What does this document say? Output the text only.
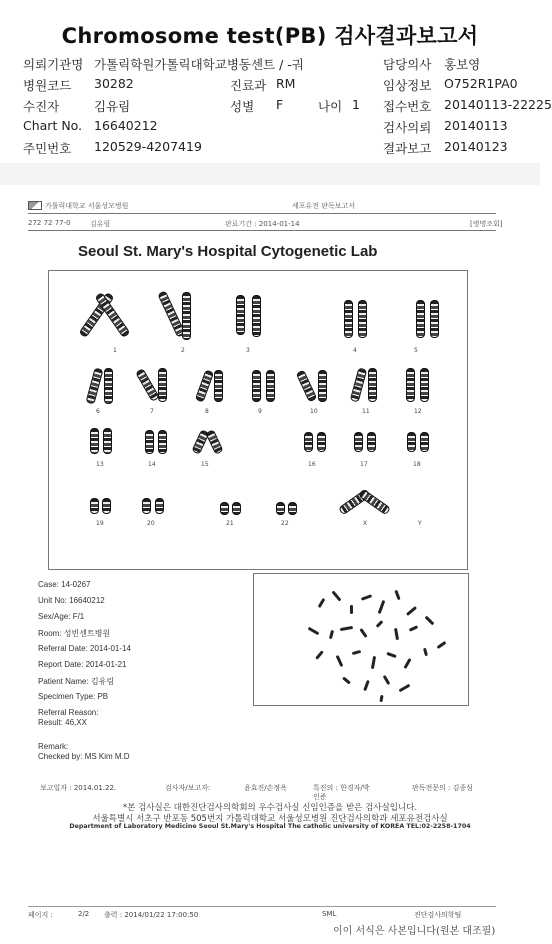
Chromosome test(PB) 검사결과보고서
의뢰기관명 가톨릭학원가톨릭대학교병동센트 / -궈	담당의사 홍보영
병원코드 30282	진료과 RM	임상정보 O752R1PA0
수진자	김유림	성별 F	나이 1 접수번호 20140113-22225
Chart No. 16640212	검사의뢰 20140113
주민번호 120529-4207419	결과보고 20140123
가톨릭대학교 서울성모병원	세포유전 판독보고서
272 72 77-0	김유림	판료기간 : 2014-01-14	[병명조회]
Seoul St. Mary's Hospital Cytogenetic Lab
1	2	3	4	5
6	7	8	9	10	11	12
13	14	15	16	17	18
19	20	21	22	X	Y
Case: 14-0267
Unit No: 16640212
Sex/Age: F/1
Room: 성빈센트병원
Referral Date: 2014-01-14
Report Date: 2014-01-21
Patient Name: 김유림
Specimen Type: PB
Referral Reason:
Result: 46,XX
Remark:
Checked by: MS Kim M.D
보고일자 : 2014.01.22.	검사자/보고자:	윤효진/손정옥	특진의 : 한경자/박
인준
판독전문의 : 김종심
*본 검사실은 대한진단검사의학회의 우수검사실 신임인증을 받은 검사실입니다.
서울특별시 서초구 반포동 505번지 가톨릭대학교 서울성모병원 진단검사의학과 세포유전검사실
Department of Laboratory Medicine Seoul St.Mary's Hospital The catholic university of KOREA TEL:02-2258-1704
페이지 :	2/2 출력 : 2014/01/22 17:00:50	SML	진단검사의학팀
이이 서식은 사본입니다(원본 대조필)
